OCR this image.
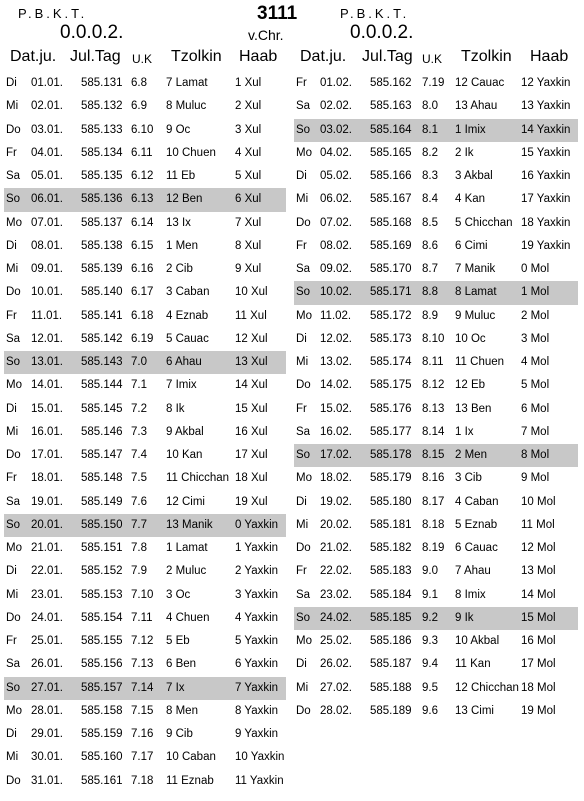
P.B.K.T.
0.0.0.2.
3111
v.Chr.
P.B.K.T.
0.0.0.2.
Dat.ju. Jul.Tag U.K Tzolkin Haab
Di 01.01. 585.131 6.8 7 Lamat 1 Xul
Mi 02.01. 585.132 6.9 8 Muluc 2 Xul
Do 03.01. 585.133 6.10 9 Oc	3 Xul
Fr 04.01. 585.134 6.11 10 Chuen 4 Xul
Sa 05.01. 585.135 6.12 11 Eb	5 Xul
So 06.01. 585.136 6.13 12 Ben	6 Xul
Mo 07.01. 585.137 6.14 13 Ix	7 Xul
Di 08.01. 585.138 6.15 1 Men	8 Xul
Mi 09.01. 585.139 6.16 2 Cib	9 Xul
Do 10.01. 585.140 6.17 3 Caban 10 Xul
Fr 11.01. 585.141 6.18 4 Eznab 11 Xul
Sa 12.01. 585.142 6.19 5 Cauac 12 Xul
So 13.01. 585.143 7.0 6 Ahau	13 Xul
Mo 14.01. 585.144 7.1 7 Imix	14 Xul
Di 15.01. 585.145 7.2 8 Ik	15 Xul
Mi 16.01. 585.146 7.3 9 Akbal	16 Xul
Do 17.01. 585.147 7.4 10 Kan	17 Xul
Fr 18.01. 585.148 7.5 11 Chicchan 18 Xul
Sa 19.01. 585.149 7.6 12 Cimi	19 Xul
So 20.01. 585.150 7.7 13 Manik 0 Yaxkin
Mo 21.01. 585.151 7.8 1 Lamat 1 Yaxkin
Di 22.01. 585.152 7.9 2 Muluc 2 Yaxkin
Mi 23.01. 585.153 7.10 3 Oc	3 Yaxkin
Do 24.01. 585.154 7.11 4 Chuen 4 Yaxkin
Fr 25.01. 585.155 7.12 5 Eb	5 Yaxkin
Sa 26.01. 585.156 7.13 6 Ben	6 Yaxkin
So 27.01. 585.157 7.14 7 Ix	7 Yaxkin
Mo 28.01. 585.158 7.15 8 Men	8 Yaxkin
Di 29.01. 585.159 7.16 9 Cib	9 Yaxkin
Mi 30.01. 585.160 7.17 10 Caban 10 Yaxkin
Do 31.01. 585.161 7.18 11 Eznab 11 Yaxkin
Dat.ju. Jul.Tag U.K Tzolkin Haab
Fr 01.02. 585.162 7.19 12 Cauac 12 Yaxkin
Sa 02.02. 585.163 8.0 13 Ahau 13 Yaxkin
So 03.02. 585.164 8.1 1 Imix	14 Yaxkin
Mo 04.02. 585.165 8.2 2 Ik	15 Yaxkin
Di 05.02. 585.166 8.3 3 Akbal 16 Yaxkin
Mi 06.02. 585.167 8.4 4 Kan	17 Yaxkin
Do 07.02. 585.168 8.5 5 Chicchan 18 Yaxkin
Fr 08.02. 585.169 8.6 6 Cimi	19 Yaxkin
Sa 09.02. 585.170 8.7 7 Manik 0 Mol
So 10.02. 585.171 8.8 8 Lamat 1 Mol
Mo 11.02. 585.172 8.9 9 Muluc 2 Mol
Di 12.02. 585.173 8.10 10 Oc	3 Mol
Mi 13.02. 585.174 8.11 11 Chuen 4 Mol
Do 14.02. 585.175 8.12 12 Eb	5 Mol
Fr 15.02. 585.176 8.13 13 Ben	6 Mol
Sa 16.02. 585.177 8.14 1 Ix	7 Mol
So 17.02. 585.178 8.15 2 Men	8 Mol
Mo 18.02. 585.179 8.16 3 Cib	9 Mol
Di 19.02. 585.180 8.17 4 Caban 10 Mol
Mi 20.02. 585.181 8.18 5 Eznab 11 Mol
Do 21.02. 585.182 8.19 6 Cauac 12 Mol
Fr 22.02. 585.183 9.0 7 Ahau	13 Mol
Sa 23.02. 585.184 9.1 8 Imix	14 Mol
So 24.02. 585.185 9.2 9 Ik	15 Mol
Mo 25.02. 585.186 9.3 10 Akbal 16 Mol
Di 26.02. 585.187 9.4 11 Kan	17 Mol
Mi 27.02. 585.188 9.5 12 Chicchan 18 Mol
Do 28.02. 585.189 9.6 13 Cimi 19 Mol
